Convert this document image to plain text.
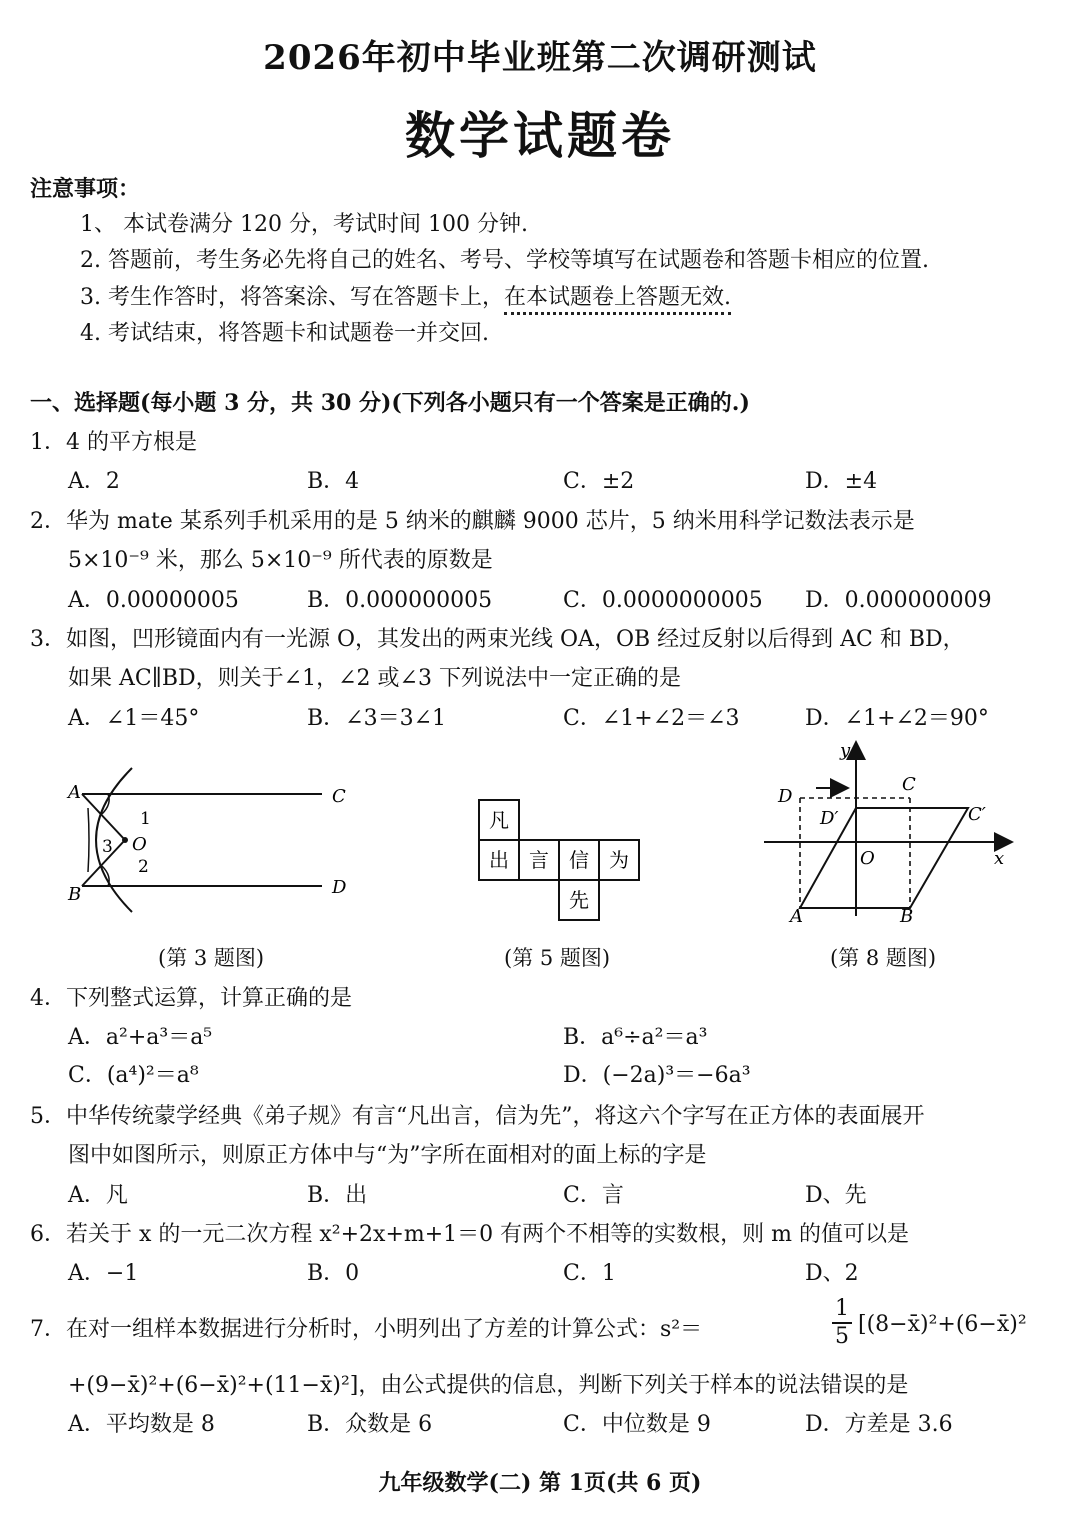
2026年初中毕业班第二次调研测试
数学试题卷
注意事项：
1、 本试卷满分 120 分，考试时间 100 分钟.
2. 答题前，考生务必先将自己的姓名、考号、学校等填写在试题卷和答题卡相应的位置.
3. 考生作答时，将答案涂、写在答题卡上，在本试题卷上答题无效.
4. 考试结束，将答题卡和试题卷一并交回.
一、选择题(每小题 3 分，共 30 分)(下列各小题只有一个答案是正确的.)
1．4 的平方根是
A．2	B．4	C．±2	D．±4
2．华为 mate 某系列手机采用的是 5 纳米的麒麟 9000 芯片，5 纳米用科学记数法表示是
5×10⁻⁹ 米，那么 5×10⁻⁹ 所代表的原数是
A．0.00000005	B．0.000000005	C．0.0000000005 D．0.000000009
3．如图，凹形镜面内有一光源 O，其发出的两束光线 OA，OB 经过反射以后得到 AC 和 BD，
如果 AC∥BD，则关于∠1，∠2 或∠3 下列说法中一定正确的是
A．∠1＝45°	B．∠3＝3∠1	C．∠1+∠2＝∠3	D．∠1+∠2＝90°
A
B
C
D
O
1
2
3
(第 3 题图)
凡
出 言 信 为
先
(第 5 题图)
y
x
O
A	B
C
D
C′
D′
(第 8 题图)
4．下列整式运算，计算正确的是
A．a²+a³＝a⁵	B．a⁶÷a²＝a³
C．(a⁴)²＝a⁸	D．(−2a)³＝−6a³
5．中华传统蒙学经典《弟子规》有言“凡出言，信为先”，将这六个字写在正方体的表面展开
图中如图所示，则原正方体中与“为”字所在面相对的面上标的字是
A．凡	B．出	C．言	D、先
6．若关于 x 的一元二次方程 x²+2x+m+1＝0 有两个不相等的实数根，则 m 的值可以是
A．−1	B．0	C．1	D、2
7．在对一组样本数据进行分析时，小明列出了方差的计算公式：s²＝	$\frac{1}{5}$ [(8−x̄)²+(6−x̄)²
+(9−x̄)²+(6−x̄)²+(11−x̄)²]，由公式提供的信息，判断下列关于样本的说法错误的是
A．平均数是 8	B．众数是 6	C．中位数是 9	D．方差是 3.6
九年级数学(二) 第 1页(共 6 页)
